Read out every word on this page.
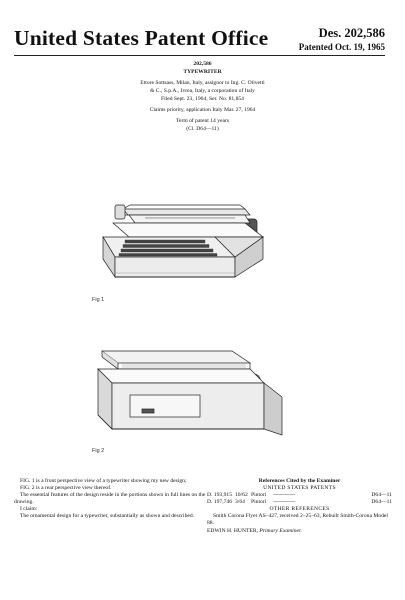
United States Patent Office	Des. 202,586
Patented Oct. 19, 1965
202,586
TYPEWRITER
Ettore Sottsass, Milan, Italy, assignor to Ing. C. Olivetti
& C., S.p.A., Ivrea, Italy, a corporation of Italy
Filed Sept. 23, 1964, Ser. No. 81,854
Claims priority, application Italy Mar. 27, 1964
Term of patent 14 years
(Cl. D64—11)
Fig 1
Fig 2

FIG. 1 is a front perspective view of a typewriter showing my new design;

FIG. 2 is a rear perspective view thereof.

The essential features of the design reside in the portions shown in full lines on the drawing.

I claim:

The ornamental design for a typewriter, substantially as shown and described.

References Cited by the Examiner
UNITED STATES PATENTS
D. 193,915 10/62 Pintori	----------------	D64—11
D. 197,746 3/64	Pintori	----------------	D64—11
OTHER REFERENCES
Smith Corona Flyer AS–427, received 2–25–63, Rebuilt Smith-Corona Model 88.
EDWIN H. HUNTER, Primary Examiner.
